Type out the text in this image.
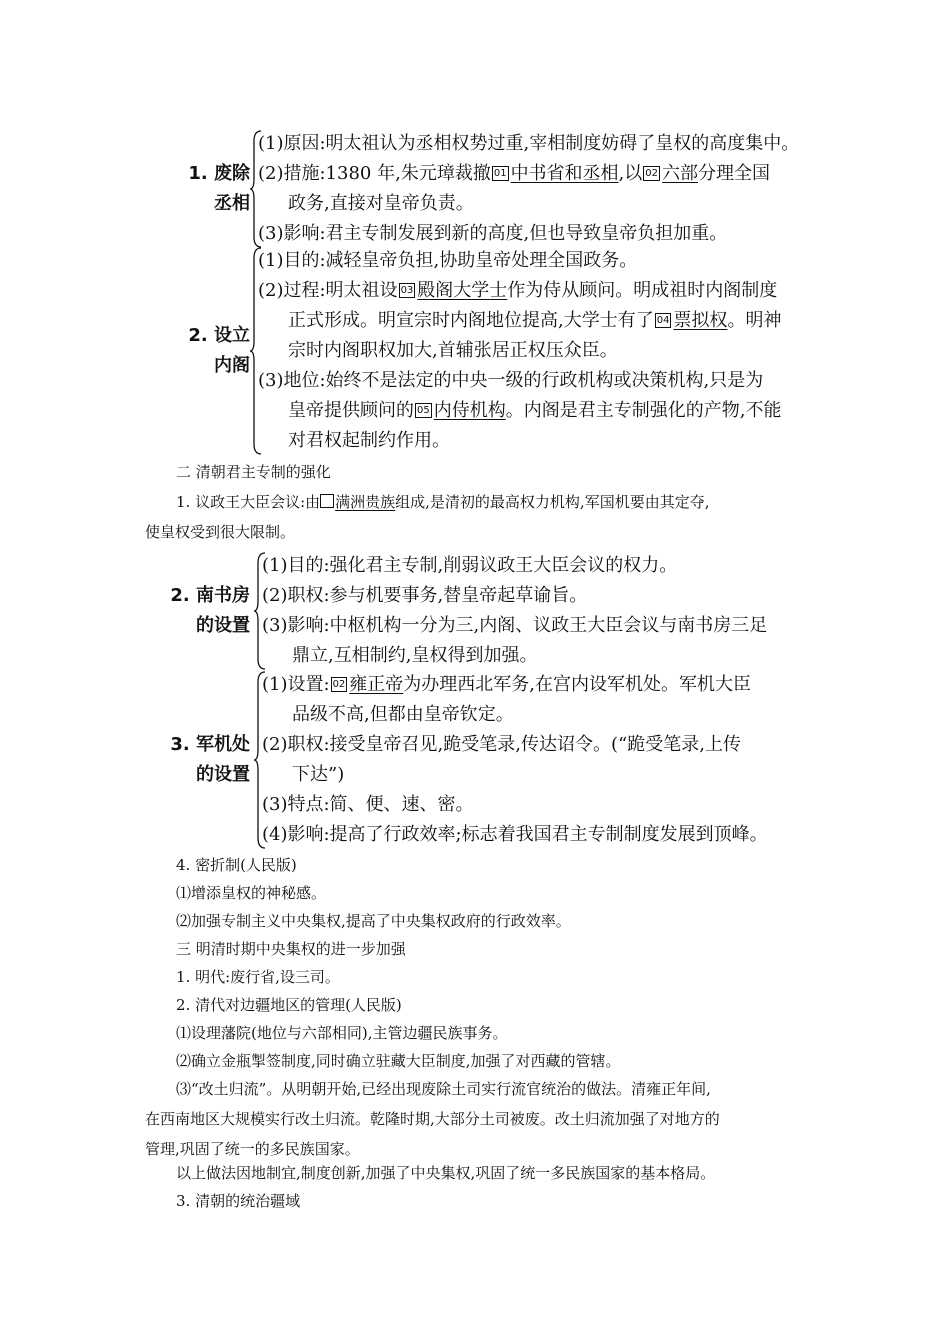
1. 废除
丞相
(1)原因:明太祖认为丞相权势过重,宰相制度妨碍了皇权的高度集中。
(2)措施:1380 年,朱元璋裁撤 01 中书省和丞相,以 02 六部分理全国
政务,直接对皇帝负责。
(3)影响:君主专制发展到新的高度,但也导致皇帝负担加重。
2. 设立
内阁
(1)目的:减轻皇帝负担,协助皇帝处理全国政务。
(2)过程:明太祖设 03 殿阁大学士作为侍从顾问。明成祖时内阁制度
正式形成。明宣宗时内阁地位提高,大学士有了 04 票拟权。明神
宗时内阁职权加大,首辅张居正权压众臣。
(3)地位:始终不是法定的中央一级的行政机构或决策机构,只是为
皇帝提供顾问的 05 内侍机构。内阁是君主专制强化的产物,不能
对君权起制约作用。
二 清朝君主专制的强化
1. 议政王大臣会议:由 满洲贵族组成,是清初的最高权力机构,军国机要由其定夺,
使皇权受到很大限制。
2. 南书房
的设置
(1)目的:强化君主专制,削弱议政王大臣会议的权力。
(2)职权:参与机要事务,替皇帝起草谕旨。
(3)影响:中枢机构一分为三,内阁、议政王大臣会议与南书房三足
鼎立,互相制约,皇权得到加强。
3. 军机处
的设置
(1)设置: 02 雍正帝为办理西北军务,在宫内设军机处。军机大臣
品级不高,但都由皇帝钦定。
(2)职权:接受皇帝召见,跪受笔录,传达诏令。(“跪受笔录,上传
下达”)
(3)特点:简、便、速、密。
(4)影响:提高了行政效率;标志着我国君主专制制度发展到顶峰。
4. 密折制(人民版)
⑴增添皇权的神秘感。
⑵加强专制主义中央集权,提高了中央集权政府的行政效率。
三 明清时期中央集权的进一步加强
1. 明代:废行省,设三司。
2. 清代对边疆地区的管理(人民版)
⑴设理藩院(地位与六部相同),主管边疆民族事务。
⑵确立金瓶掣签制度,同时确立驻藏大臣制度,加强了对西藏的管辖。
⑶“改土归流”。从明朝开始,已经出现废除土司实行流官统治的做法。清雍正年间,
在西南地区大规模实行改土归流。乾隆时期,大部分土司被废。改土归流加强了对地方的
管理,巩固了统一的多民族国家。
以上做法因地制宜,制度创新,加强了中央集权,巩固了统一多民族国家的基本格局。
3. 清朝的统治疆域
